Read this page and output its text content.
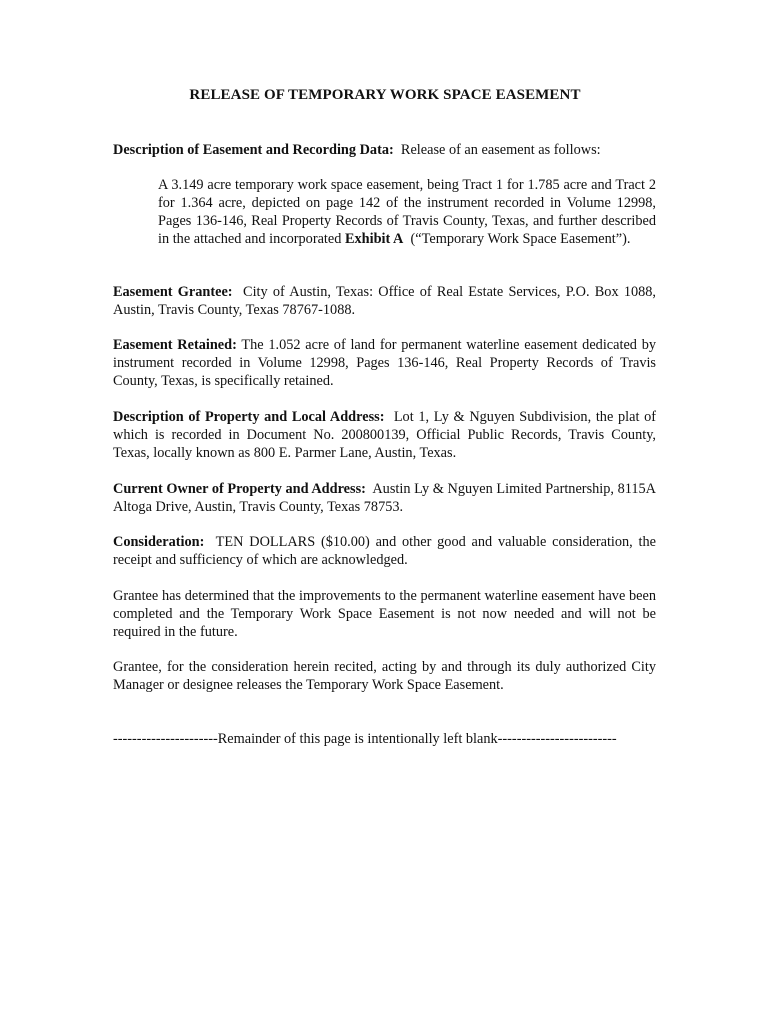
RELEASE OF TEMPORARY WORK SPACE EASEMENT

Description of Easement and Recording Data: Release of an easement as follows:

A 3.149 acre temporary work space easement, being Tract 1 for 1.785 acre and Tract 2 for 1.364 acre, depicted on page 142 of the instrument recorded in Volume 12998, Pages 136-146, Real Property Records of Travis County, Texas, and further described in the attached and incorporated Exhibit A (“Temporary Work Space Easement”).

Easement Grantee: City of Austin, Texas: Office of Real Estate Services, P.O. Box 1088, Austin, Travis County, Texas 78767-1088.

Easement Retained: The 1.052 acre of land for permanent waterline easement dedicated by instrument recorded in Volume 12998, Pages 136-146, Real Property Records of Travis County, Texas, is specifically retained.

Description of Property and Local Address: Lot 1, Ly & Nguyen Subdivision, the plat of which is recorded in Document No. 200800139, Official Public Records, Travis County, Texas, locally known as 800 E. Parmer Lane, Austin, Texas.

Current Owner of Property and Address: Austin Ly & Nguyen Limited Partnership, 8115A Altoga Drive, Austin, Travis County, Texas 78753.

Consideration: TEN DOLLARS ($10.00) and other good and valuable consideration, the receipt and sufficiency of which are acknowledged.

Grantee has determined that the improvements to the permanent waterline easement have been completed and the Temporary Work Space Easement is not now needed and will not be required in the future.

Grantee, for the consideration herein recited, acting by and through its duly authorized City Manager or designee releases the Temporary Work Space Easement.

----------------------Remainder of this page is intentionally left blank-------------------------
